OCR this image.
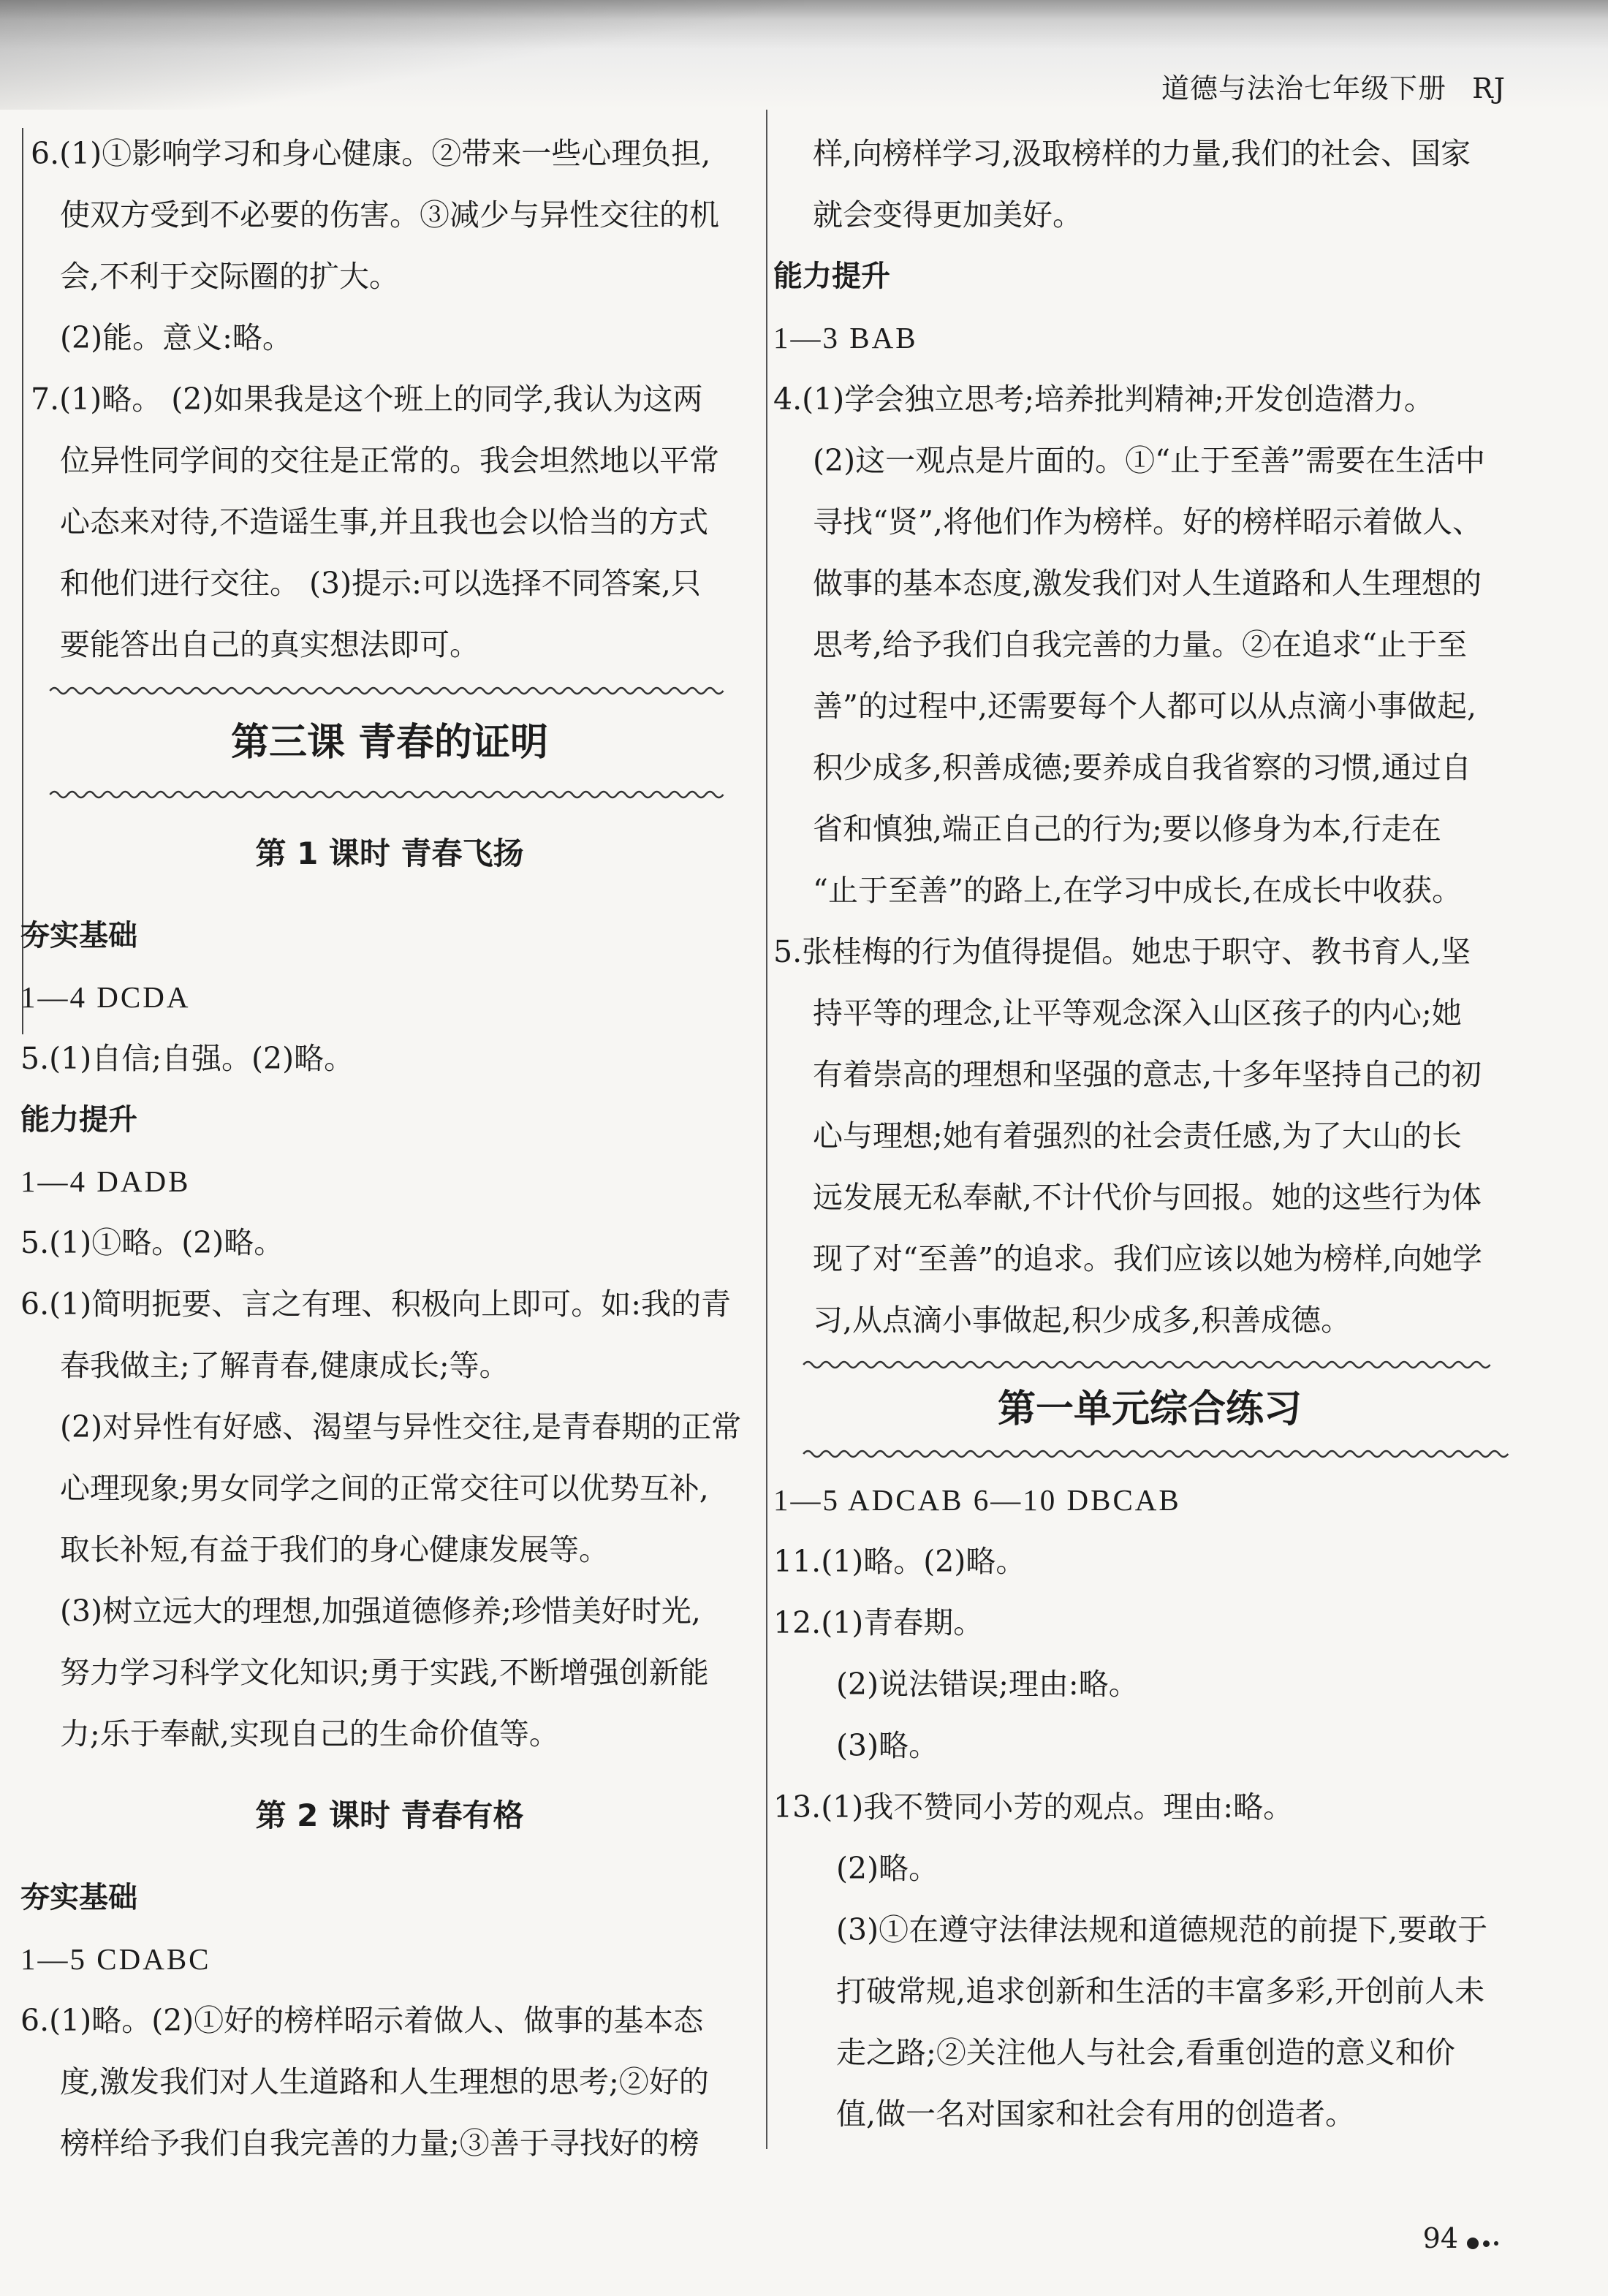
道德与法治七年级下册 RJ
6.(1)①影响学习和身心健康。②带来一些心理负担,
使双方受到不必要的伤害。③减少与异性交往的机
会,不利于交际圈的扩大。
(2)能。意义:略。
7.(1)略。 (2)如果我是这个班上的同学,我认为这两
位异性同学间的交往是正常的。我会坦然地以平常
心态来对待,不造谣生事,并且我也会以恰当的方式
和他们进行交往。 (3)提示:可以选择不同答案,只
要能答出自己的真实想法即可。
第三课 青春的证明
第 1 课时 青春飞扬
夯实基础
1—4 DCDA
5.(1)自信;自强。(2)略。
能力提升
1—4 DADB
5.(1)①略。(2)略。
6.(1)简明扼要、言之有理、积极向上即可。如:我的青
春我做主;了解青春,健康成长;等。
(2)对异性有好感、渴望与异性交往,是青春期的正常
心理现象;男女同学之间的正常交往可以优势互补,
取长补短,有益于我们的身心健康发展等。
(3)树立远大的理想,加强道德修养;珍惜美好时光,
努力学习科学文化知识;勇于实践,不断增强创新能
力;乐于奉献,实现自己的生命价值等。
第 2 课时 青春有格
夯实基础
1—5 CDABC
6.(1)略。(2)①好的榜样昭示着做人、做事的基本态
度,激发我们对人生道路和人生理想的思考;②好的
榜样给予我们自我完善的力量;③善于寻找好的榜
样,向榜样学习,汲取榜样的力量,我们的社会、国家
就会变得更加美好。
能力提升
1—3 BAB
4.(1)学会独立思考;培养批判精神;开发创造潜力。
(2)这一观点是片面的。①“止于至善”需要在生活中
寻找“贤”,将他们作为榜样。好的榜样昭示着做人、
做事的基本态度,激发我们对人生道路和人生理想的
思考,给予我们自我完善的力量。②在追求“止于至
善”的过程中,还需要每个人都可以从点滴小事做起,
积少成多,积善成德;要养成自我省察的习惯,通过自
省和慎独,端正自己的行为;要以修身为本,行走在
“止于至善”的路上,在学习中成长,在成长中收获。
5.张桂梅的行为值得提倡。她忠于职守、教书育人,坚
持平等的理念,让平等观念深入山区孩子的内心;她
有着崇高的理想和坚强的意志,十多年坚持自己的初
心与理想;她有着强烈的社会责任感,为了大山的长
远发展无私奉献,不计代价与回报。她的这些行为体
现了对“至善”的追求。我们应该以她为榜样,向她学
习,从点滴小事做起,积少成多,积善成德。
第一单元综合练习
1—5 ADCAB 6—10 DBCAB
11.(1)略。(2)略。
12.(1)青春期。
(2)说法错误;理由:略。
(3)略。
13.(1)我不赞同小芳的观点。理由:略。
(2)略。
(3)①在遵守法律法规和道德规范的前提下,要敢于
打破常规,追求创新和生活的丰富多彩,开创前人未
走之路;②关注他人与社会,看重创造的意义和价
值,做一名对国家和社会有用的创造者。
94
